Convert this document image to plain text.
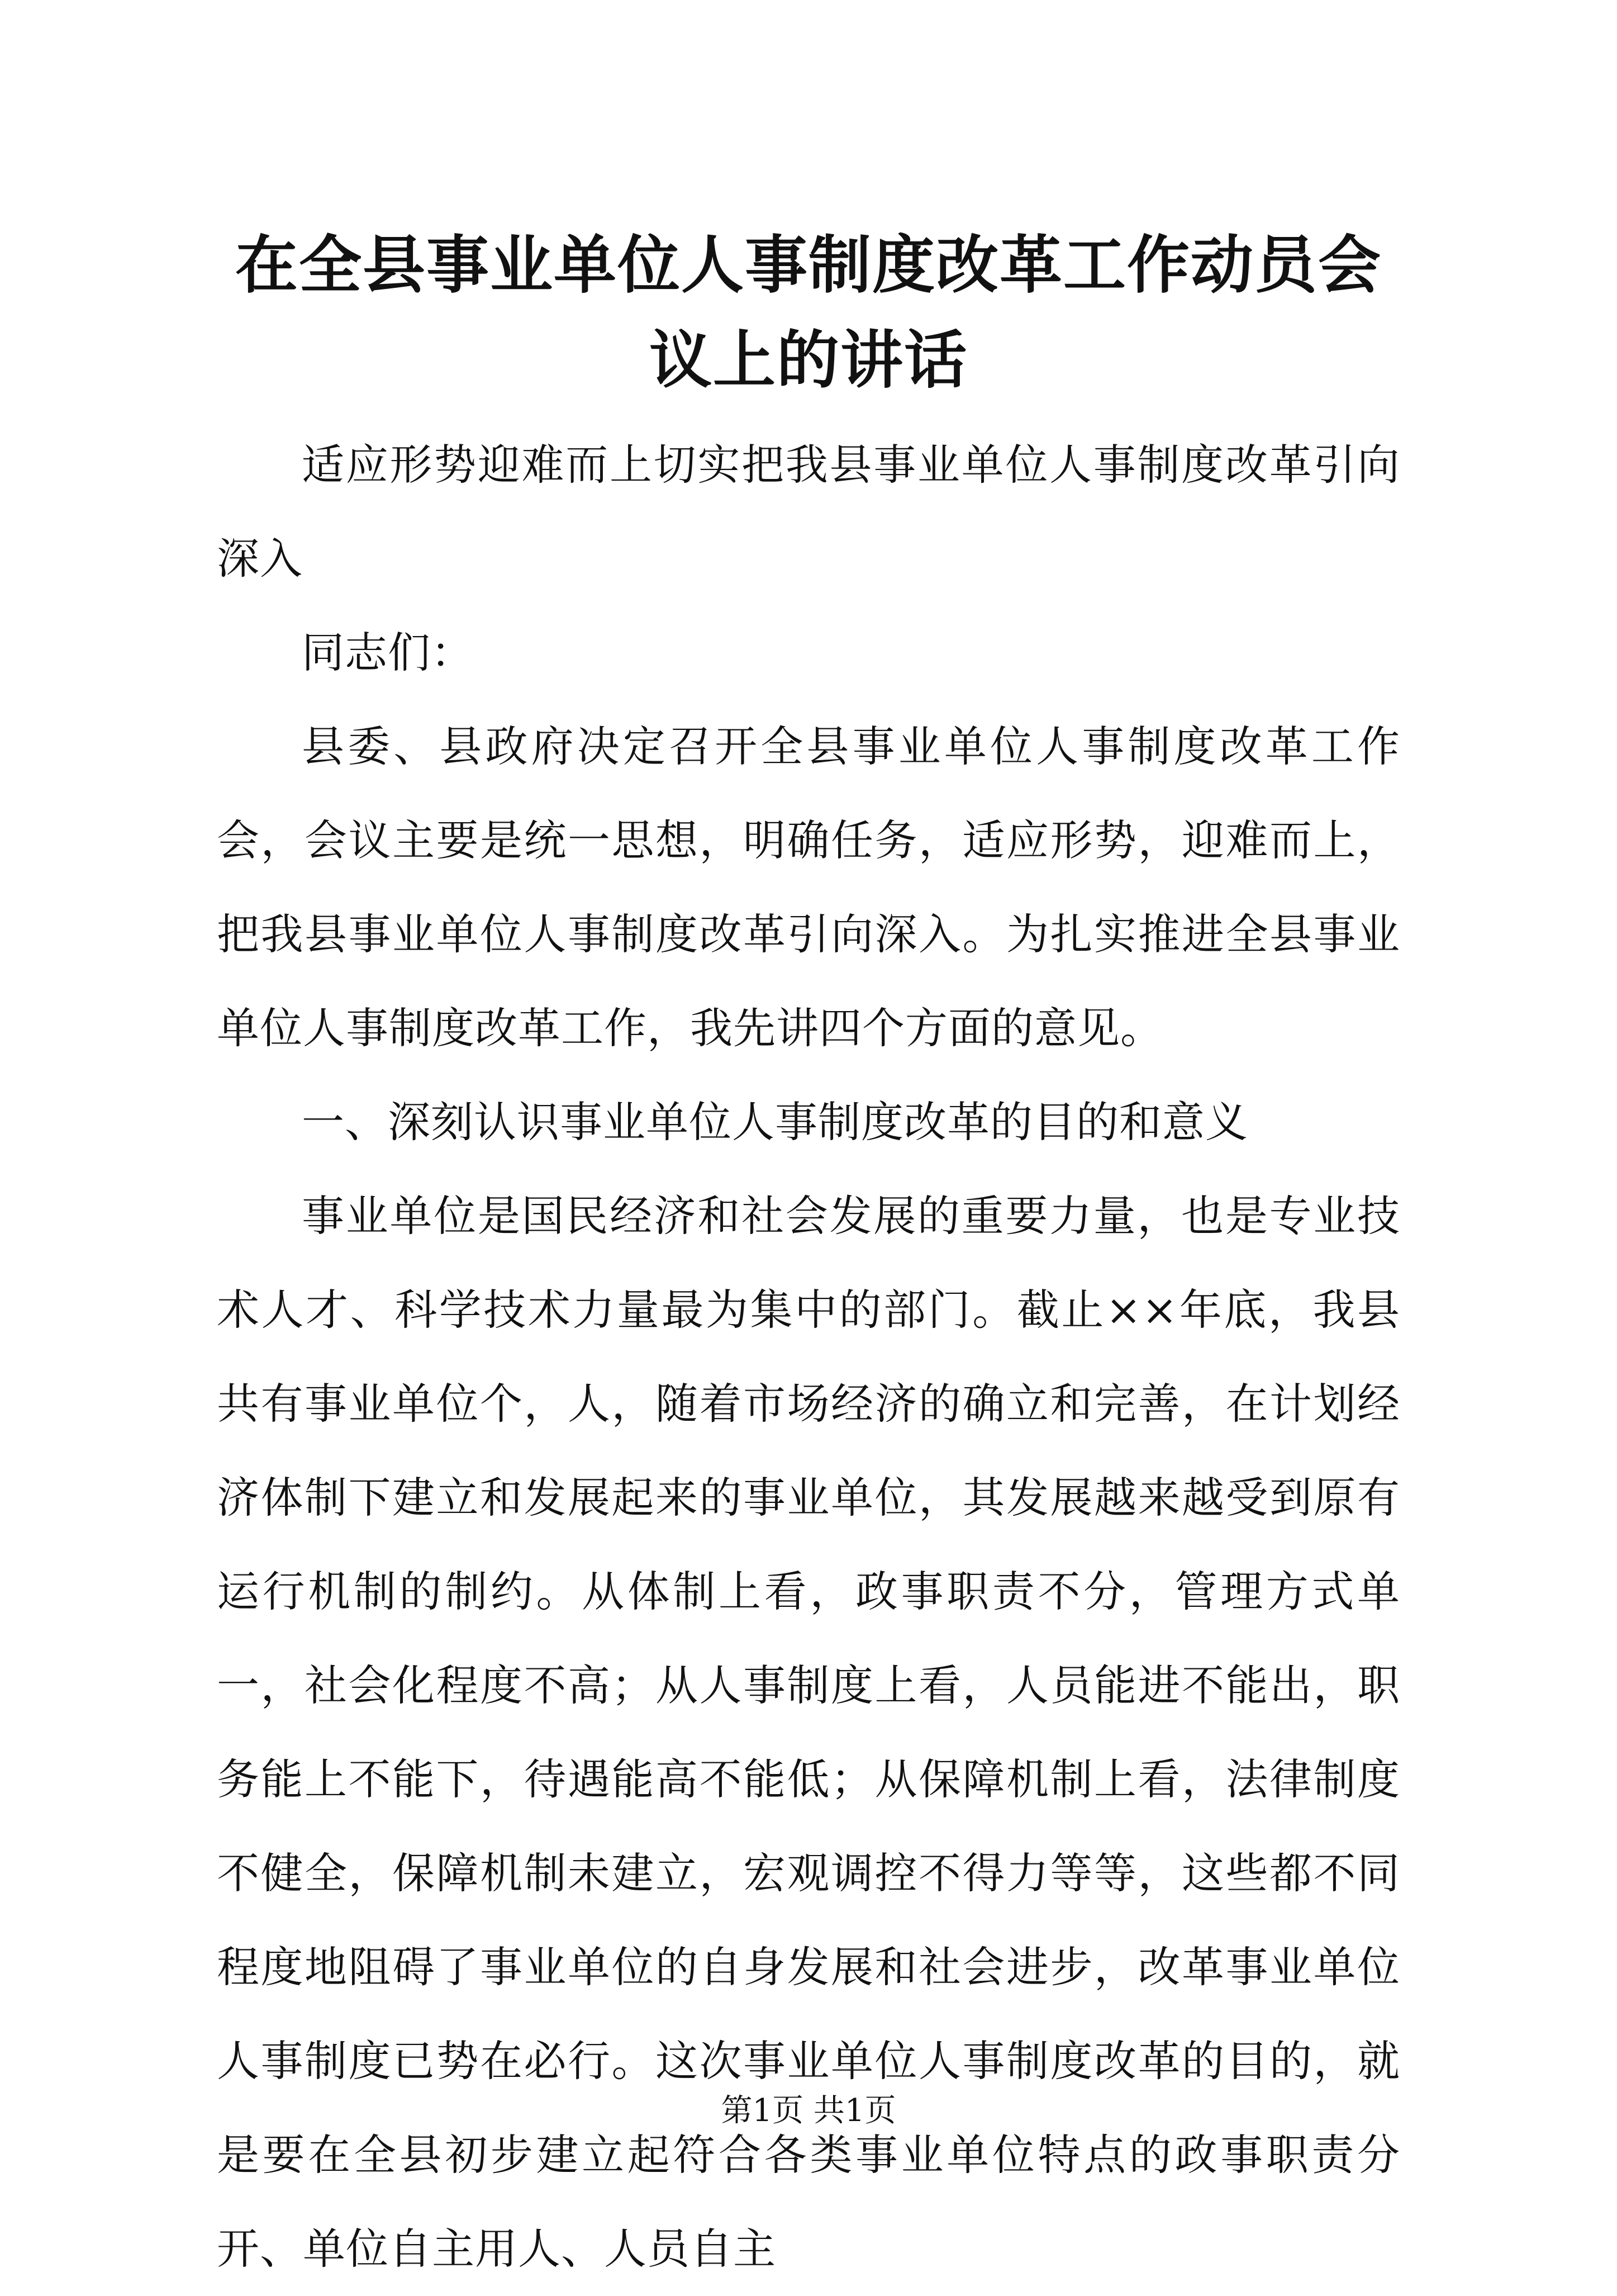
在全县事业单位人事制度改革工作动员会议上的讲话

适应形势迎难而上切实把我县事业单位人事制度改革引向深入

同志们：

县委、县政府决定召开全县事业单位人事制度改革工作会，会议主要是统一思想，明确任务，适应形势，迎难而上，把我县事业单位人事制度改革引向深入。为扎实推进全县事业单位人事制度改革工作，我先讲四个方面的意见。

一、深刻认识事业单位人事制度改革的目的和意义

事业单位是国民经济和社会发展的重要力量，也是专业技术人才、科学技术力量最为集中的部门。截止××年底，我县共有事业单位个，人，随着市场经济的确立和完善，在计划经济体制下建立和发展起来的事业单位，其发展越来越受到原有运行机制的制约。从体制上看，政事职责不分，管理方式单一，社会化程度不高；从人事制度上看，人员能进不能出，职务能上不能下，待遇能高不能低；从保障机制上看，法律制度不健全，保障机制未建立，宏观调控不得力等等，这些都不同程度地阻碍了事业单位的自身发展和社会进步，改革事业单位人事制度已势在必行。这次事业单位人事制度改革的目的，就是要在全县初步建立起符合各类事业单位特点的政事职责分开、单位自主用人、人员自主

第1页 共1页
